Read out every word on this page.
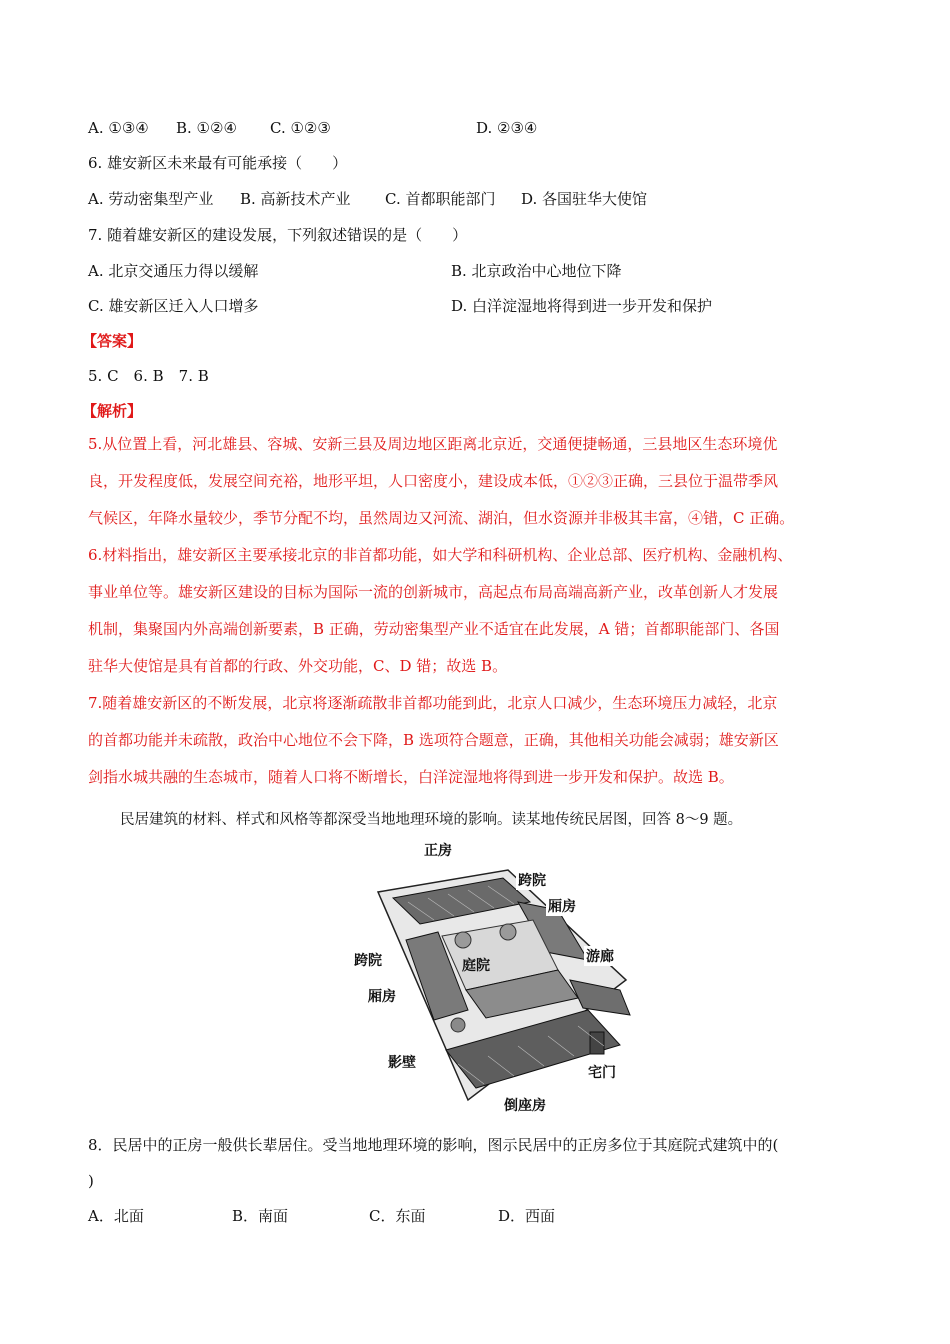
A. ①③④ B. ①②④ C. ①②③	D. ②③④
6. 雄安新区未来最有可能承接（　　）
A. 劳动密集型产业 B. 高新技术产业 C. 首都职能部门 D. 各国驻华大使馆
7. 随着雄安新区的建设发展，下列叙述错误的是（　　）
A. 北京交通压力得以缓解	B. 北京政治中心地位下降
C. 雄安新区迁入人口增多	D. 白洋淀湿地将得到进一步开发和保护
【答案】
5. C　6. B　7. B
【解析】
5.从位置上看，河北雄县、容城、安新三县及周边地区距离北京近，交通便捷畅通，三县地区生态环境优
良，开发程度低，发展空间充裕，地形平坦，人口密度小，建设成本低，①②③正确，三县位于温带季风
气候区，年降水量较少，季节分配不均，虽然周边又河流、湖泊，但水资源并非极其丰富，④错，C 正确。
6.材料指出，雄安新区主要承接北京的非首都功能，如大学和科研机构、企业总部、医疗机构、金融机构、
事业单位等。雄安新区建设的目标为国际一流的创新城市，高起点布局高端高新产业，改革创新人才发展
机制，集聚国内外高端创新要素，B 正确，劳动密集型产业不适宜在此发展，A 错；首都职能部门、各国
驻华大使馆是具有首都的行政、外交功能，C、D 错；故选 B。
7.随着雄安新区的不断发展，北京将逐渐疏散非首都功能到此，北京人口减少，生态环境压力减轻，北京
的首都功能并未疏散，政治中心地位不会下降，B 选项符合题意，正确，其他相关功能会减弱；雄安新区
剑指水城共融的生态城市，随着人口将不断增长，白洋淀湿地将得到进一步开发和保护。故选 B。
民居建筑的材料、样式和风格等都深受当地地理环境的影响。读某地传统民居图，回答 8～9 题。
正房
跨院
厢房
游廊
跨院	庭院
厢房
影壁
宅门
倒座房
8．民居中的正房一般供长辈居住。受当地地理环境的影响，图示民居中的正房多位于其庭院式建筑中的(
)
A．北面	B．南面	C．东面	D．西面
